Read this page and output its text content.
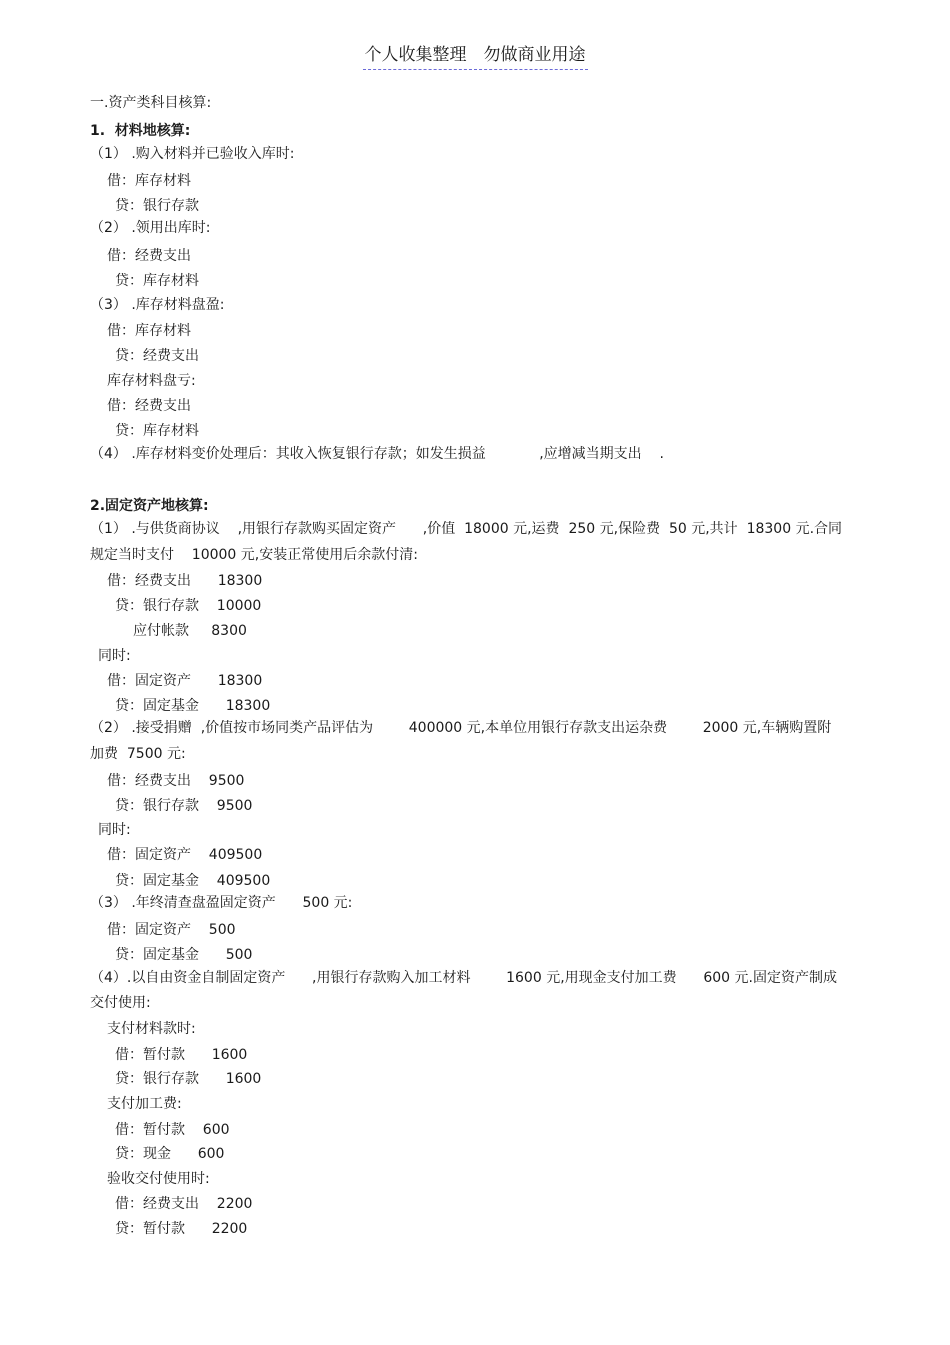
个人收集整理　勿做商业用途
一.资产类科目核算:
1.  材料地核算:
（1） .购入材料并已验收入库时:
借：库存材料
贷：银行存款
（2） .领用出库时:
借：经费支出
贷：库存材料
（3） .库存材料盘盈:
借：库存材料
贷：经费支出
库存材料盘亏:
借：经费支出
贷：库存材料
（4） .库存材料变价处理后：其收入恢复银行存款；如发生损益            ,应增减当期支出    .
2.固定资产地核算:
（1） .与供货商协议    ,用银行存款购买固定资产      ,价值  18000 元,运费  250 元,保险费  50 元,共计  18300 元.合同
规定当时支付    10000 元,安装正常使用后余款付清:
借：经费支出      18300
贷：银行存款    10000
应付帐款     8300
同时:
借：固定资产      18300
贷：固定基金      18300
（2） .接受捐赠  ,价值按市场同类产品评估为        400000 元,本单位用银行存款支出运杂费        2000 元,车辆购置附
加费  7500 元:
借：经费支出    9500
贷：银行存款    9500
同时:
借：固定资产    409500
贷：固定基金    409500
（3） .年终清查盘盈固定资产      500 元:
借：固定资产    500
贷：固定基金      500
（4）.以自由资金自制固定资产      ,用银行存款购入加工材料        1600 元,用现金支付加工费      600 元.固定资产制成
交付使用:
支付材料款时:
借：暂付款      1600
贷：银行存款      1600
支付加工费:
借：暂付款    600
贷：现金      600
验收交付使用时:
借：经费支出    2200
贷：暂付款      2200
